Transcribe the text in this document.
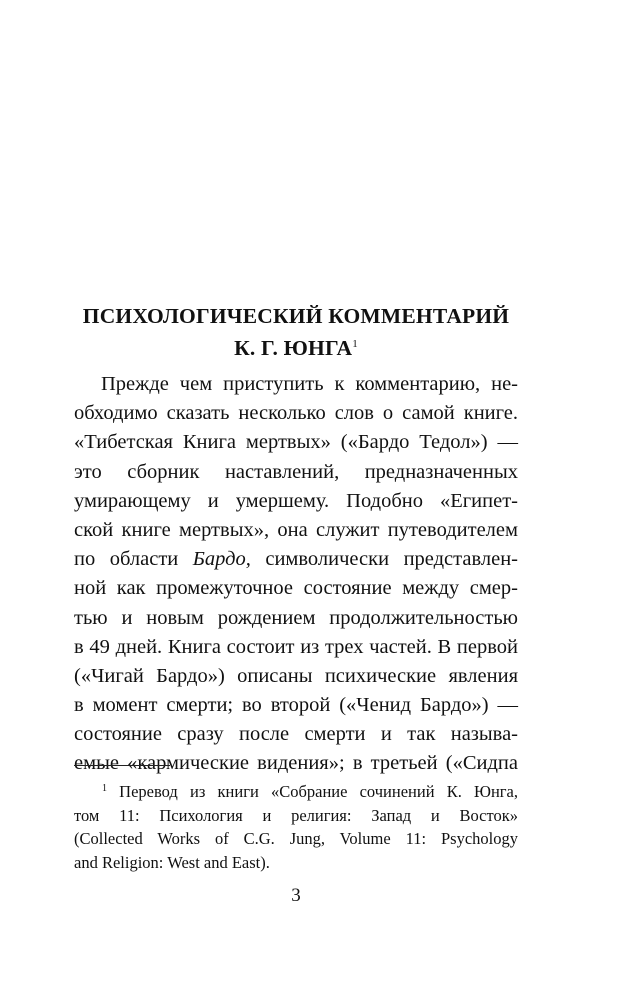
ПСИХОЛОГИЧЕСКИЙ КОММЕНТАРИЙ
К. Г. ЮНГА$^1$
Прежде чем приступить к комментарию, не-
обходимо сказать несколько слов о самой книге.
«Тибетская Книга мертвых» («Бардо Тедол») —
это сборник наставлений, предназначенных
умирающему и умершему. Подобно «Египет-
ской книге мертвых», она служит путеводителем
по области Бардо, символически представлен-
ной как промежуточное состояние между смер-
тью и новым рождением продолжительностью
в 49 дней. Книга состоит из трех частей. В первой
(«Чигай Бардо») описаны психические явления
в момент смерти; во второй («Ченид Бардо») —
состояние сразу после смерти и так называ-
емые «кармические видения»; в третьей («Сидпа
$^1$ Перевод из книги «Собрание сочинений К. Юнга,
том 11: Психология и религия: Запад и Восток»
(Collected Works of C.G. Jung, Volume 11: Psychology
and Religion: West and East).
3
